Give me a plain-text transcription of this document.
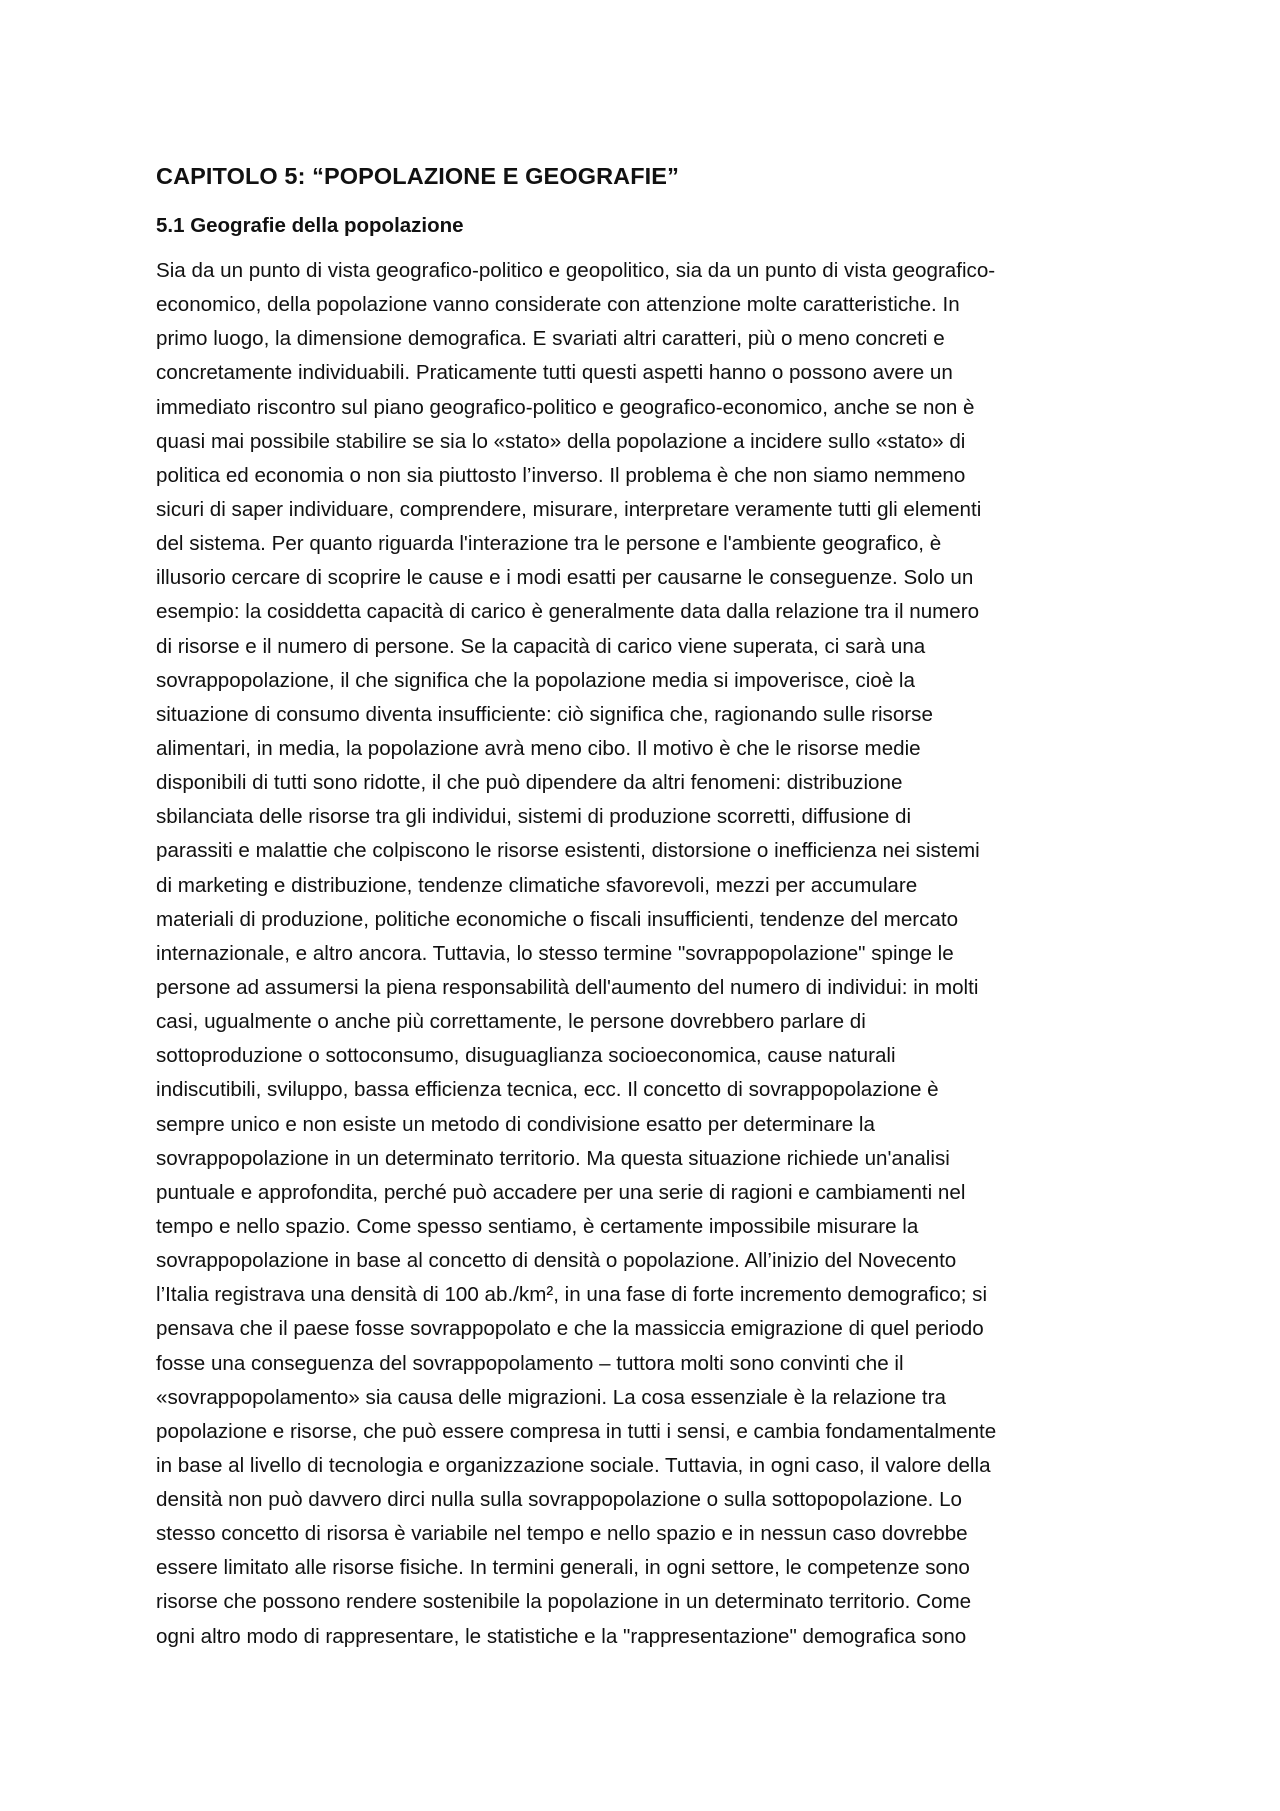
CAPITOLO 5: “POPOLAZIONE E GEOGRAFIE”
5.1 Geografie della popolazione

Sia da un punto di vista geografico-politico e geopolitico, sia da un punto di vista geografico-
economico, della popolazione vanno considerate con attenzione molte caratteristiche. In
primo luogo, la dimensione demografica. E svariati altri caratteri, più o meno concreti e
concretamente individuabili. Praticamente tutti questi aspetti hanno o possono avere un
immediato riscontro sul piano geografico-politico e geografico-economico, anche se non è
quasi mai possibile stabilire se sia lo «stato» della popolazione a incidere sullo «stato» di
politica ed economia o non sia piuttosto l’inverso. Il problema è che non siamo nemmeno
sicuri di saper individuare, comprendere, misurare, interpretare veramente tutti gli elementi
del sistema. Per quanto riguarda l'interazione tra le persone e l'ambiente geografico, è
illusorio cercare di scoprire le cause e i modi esatti per causarne le conseguenze. Solo un
esempio: la cosiddetta capacità di carico è generalmente data dalla relazione tra il numero
di risorse e il numero di persone. Se la capacità di carico viene superata, ci sarà una
sovrappopolazione, il che significa che la popolazione media si impoverisce, cioè la
situazione di consumo diventa insufficiente: ciò significa che, ragionando sulle risorse
alimentari, in media, la popolazione avrà meno cibo. Il motivo è che le risorse medie
disponibili di tutti sono ridotte, il che può dipendere da altri fenomeni: distribuzione
sbilanciata delle risorse tra gli individui, sistemi di produzione scorretti, diffusione di
parassiti e malattie che colpiscono le risorse esistenti, distorsione o inefficienza nei sistemi
di marketing e distribuzione, tendenze climatiche sfavorevoli, mezzi per accumulare
materiali di produzione, politiche economiche o fiscali insufficienti, tendenze del mercato
internazionale, e altro ancora. Tuttavia, lo stesso termine "sovrappopolazione" spinge le
persone ad assumersi la piena responsabilità dell'aumento del numero di individui: in molti
casi, ugualmente o anche più correttamente, le persone dovrebbero parlare di
sottoproduzione o sottoconsumo, disuguaglianza socioeconomica, cause naturali
indiscutibili, sviluppo, bassa efficienza tecnica, ecc. Il concetto di sovrappopolazione è
sempre unico e non esiste un metodo di condivisione esatto per determinare la
sovrappopolazione in un determinato territorio. Ma questa situazione richiede un'analisi
puntuale e approfondita, perché può accadere per una serie di ragioni e cambiamenti nel
tempo e nello spazio. Come spesso sentiamo, è certamente impossibile misurare la
sovrappopolazione in base al concetto di densità o popolazione. All’inizio del Novecento
l’Italia registrava una densità di 100 ab./km², in una fase di forte incremento demografico; si
pensava che il paese fosse sovrappopolato e che la massiccia emigrazione di quel periodo
fosse una conseguenza del sovrappopolamento – tuttora molti sono convinti che il
«sovrappopolamento» sia causa delle migrazioni. La cosa essenziale è la relazione tra
popolazione e risorse, che può essere compresa in tutti i sensi, e cambia fondamentalmente
in base al livello di tecnologia e organizzazione sociale. Tuttavia, in ogni caso, il valore della
densità non può davvero dirci nulla sulla sovrappopolazione o sulla sottopopolazione. Lo
stesso concetto di risorsa è variabile nel tempo e nello spazio e in nessun caso dovrebbe
essere limitato alle risorse fisiche. In termini generali, in ogni settore, le competenze sono
risorse che possono rendere sostenibile la popolazione in un determinato territorio. Come
ogni altro modo di rappresentare, le statistiche e la "rappresentazione" demografica sono
